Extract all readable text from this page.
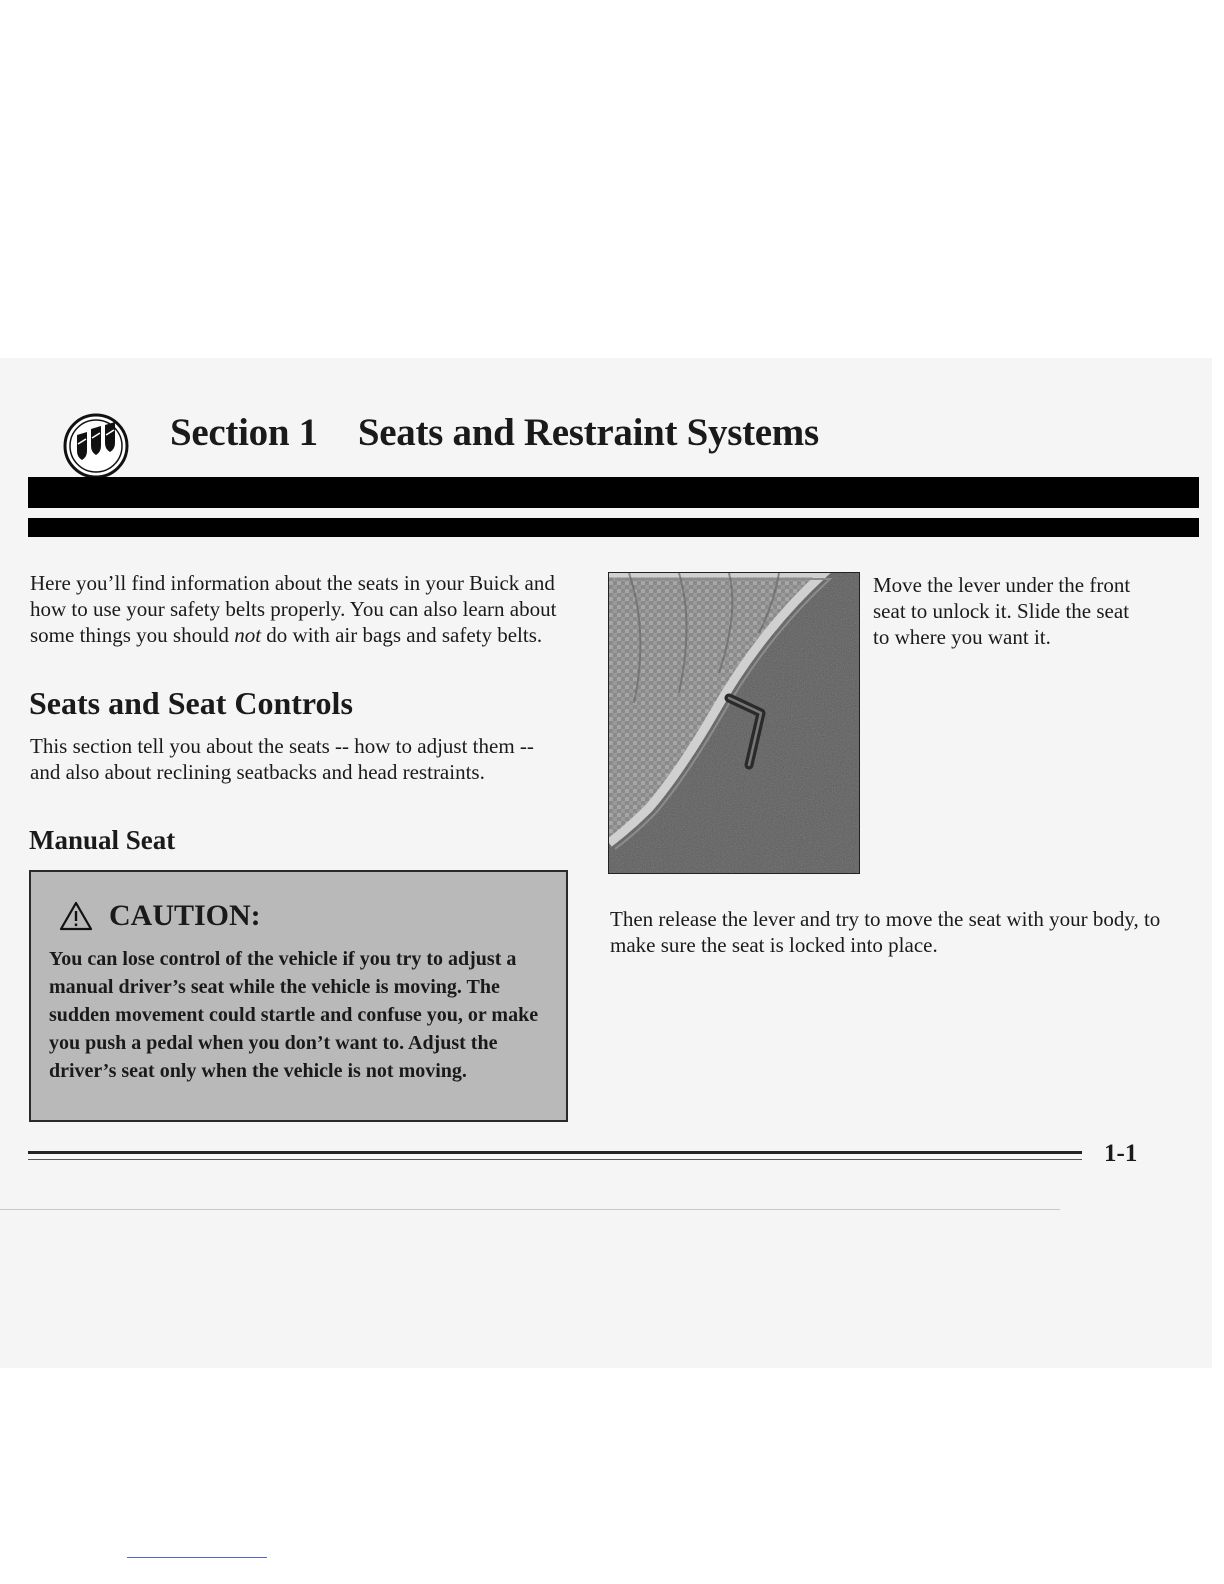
Section 1 Seats and Restraint Systems

Here you’ll find information about the seats in your Buick and how to use your safety belts properly. You can also learn about some things you should not do with air bags and safety belts.

Seats and Seat Controls

This section tell you about the seats -- how to adjust them -- and also about reclining seatbacks and head restraints.

Manual Seat
CAUTION:

You can lose control of the vehicle if you try to adjust a manual driver’s seat while the vehicle is moving. The sudden movement could startle and confuse you, or make you push a pedal when you don’t want to. Adjust the driver’s seat only when the vehicle is not moving.

Move the lever under the front seat to unlock it. Slide the seat to where you want it.

Then release the lever and try to move the seat with your body, to make sure the seat is locked into place.

1-1
